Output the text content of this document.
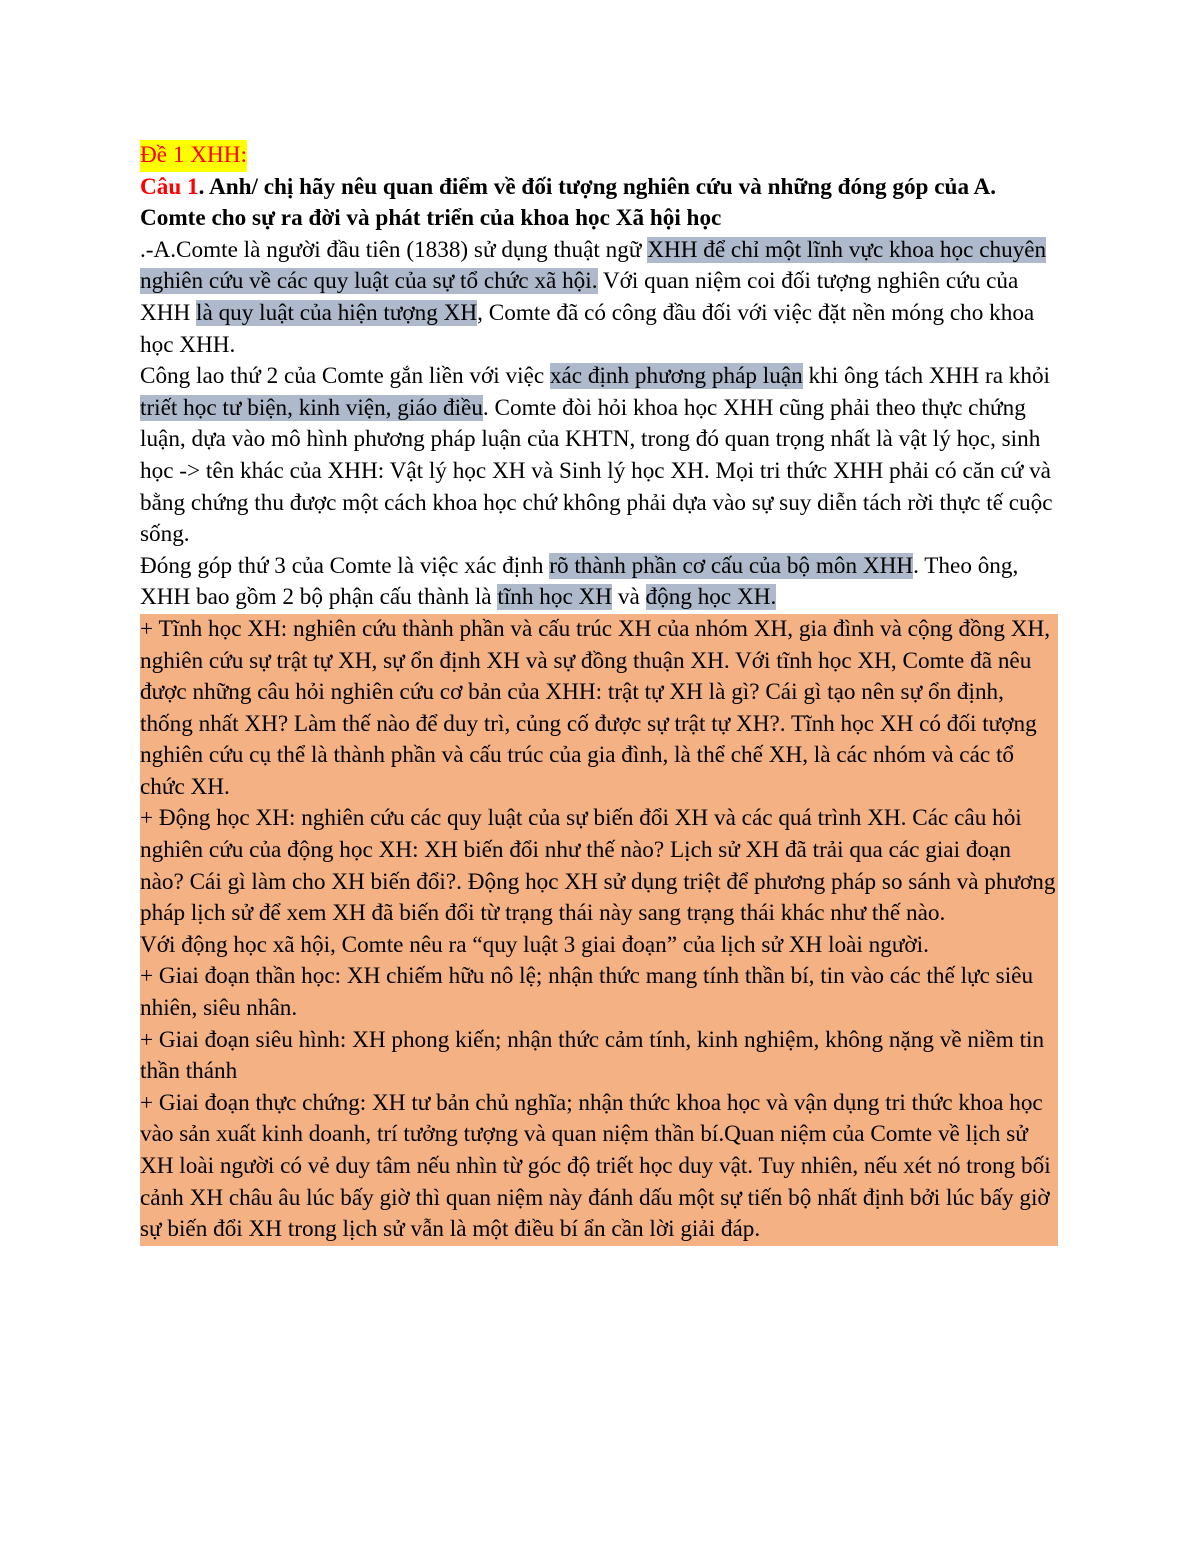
Đề 1 XHH:

Câu 1. Anh/ chị hãy nêu quan điểm về đối tượng nghiên cứu và những đóng góp của A. Comte cho sự ra đời và phát triển của khoa học Xã hội học

.-A.Comte là người đầu tiên (1838) sử dụng thuật ngữ XHH để chỉ một lĩnh vực khoa học chuyên nghiên cứu về các quy luật của sự tổ chức xã hội. Với quan niệm coi đối tượng nghiên cứu của XHH là quy luật của hiện tượng XH, Comte đã có công đầu đối với việc đặt nền móng cho khoa học XHH.

Công lao thứ 2 của Comte gắn liền với việc xác định phương pháp luận khi ông tách XHH ra khỏi triết học tư biện, kinh viện, giáo điều. Comte đòi hỏi khoa học XHH cũng phải theo thực chứng luận, dựa vào mô hình phương pháp luận của KHTN, trong đó quan trọng nhất là vật lý học, sinh học -> tên khác của XHH: Vật lý học XH và Sinh lý học XH. Mọi tri thức XHH phải có căn cứ và bằng chứng thu được một cách khoa học chứ không phải dựa vào sự suy diễn tách rời thực tế cuộc sống.

Đóng góp thứ 3 của Comte là việc xác định rõ thành phần cơ cấu của bộ môn XHH. Theo ông, XHH bao gồm 2 bộ phận cấu thành là tĩnh học XH và động học XH.

+ Tĩnh học XH: nghiên cứu thành phần và cấu trúc XH của nhóm XH, gia đình và cộng đồng XH, nghiên cứu sự trật tự XH, sự ổn định XH và sự đồng thuận XH. Với tĩnh học XH, Comte đã nêu được những câu hỏi nghiên cứu cơ bản của XHH: trật tự XH là gì? Cái gì tạo nên sự ổn định, thống nhất XH? Làm thế nào để duy trì, củng cố được sự trật tự XH?. Tĩnh học XH có đối tượng nghiên cứu cụ thể là thành phần và cấu trúc của gia đình, là thể chế XH, là các nhóm và các tổ chức XH.

+ Động học XH: nghiên cứu các quy luật của sự biến đổi XH và các quá trình XH. Các câu hỏi nghiên cứu của động học XH: XH biến đổi như thế nào? Lịch sử XH đã trải qua các giai đoạn nào? Cái gì làm cho XH biến đổi?. Động học XH sử dụng triệt để phương pháp so sánh và phương pháp lịch sử để xem XH đã biến đổi từ trạng thái này sang trạng thái khác như thế nào.

Với động học xã hội, Comte nêu ra “quy luật 3 giai đoạn” của lịch sử XH loài người.

+ Giai đoạn thần học: XH chiếm hữu nô lệ; nhận thức mang tính thần bí, tin vào các thế lực siêu nhiên, siêu nhân.

+ Giai đoạn siêu hình: XH phong kiến; nhận thức cảm tính, kinh nghiệm, không nặng về niềm tin thần thánh

+ Giai đoạn thực chứng: XH tư bản chủ nghĩa; nhận thức khoa học và vận dụng tri thức khoa học vào sản xuất kinh doanh, trí tưởng tượng và quan niệm thần bí.Quan niệm của Comte về lịch sử XH loài người có vẻ duy tâm nếu nhìn từ góc độ triết học duy vật. Tuy nhiên, nếu xét nó trong bối cảnh XH châu âu lúc bấy giờ thì quan niệm này đánh dấu một sự tiến bộ nhất định bởi lúc bấy giờ sự biến đổi XH trong lịch sử vẫn là một điều bí ẩn cần lời giải đáp.
